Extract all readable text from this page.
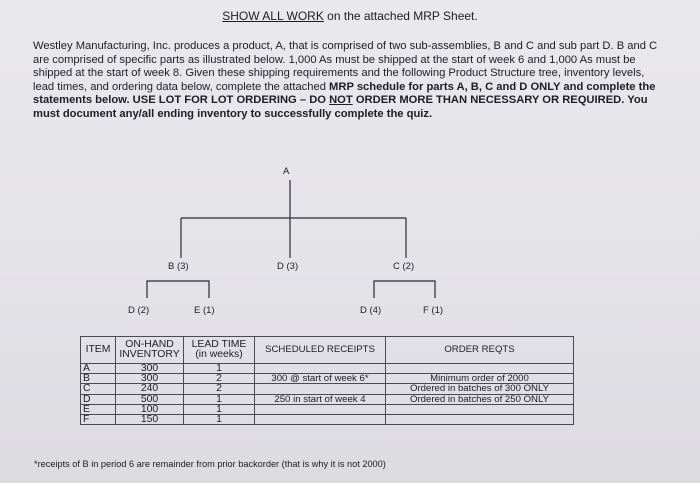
SHOW ALL WORK on the attached MRP Sheet.
Westley Manufacturing, Inc. produces a product, A, that is comprised of two sub-assemblies, B and C and sub part D. B and C are comprised of specific parts as illustrated below. 1,000 As must be shipped at the start of week 6 and 1,000 As must be shipped at the start of week 8. Given these shipping requirements and the following Product Structure tree, inventory levels, lead times, and ordering data below, complete the attached MRP schedule for parts A, B, C and D ONLY and complete the statements below. USE LOT FOR LOT ORDERING – DO NOT ORDER MORE THAN NECESSARY OR REQUIRED. You must document any/all ending inventory to successfully complete the quiz.
A
B (3)	D (3)	C (2)
D (2)	E (1)	D (4)	F (1)
ITEM	ON-HAND INVENTORY	LEAD TIME (in weeks)	SCHEDULED RECEIPTS	ORDER REQTS
A	300	1		
B	300	2	300 @ start of week 6*	Minimum order of 2000
C	240	2		Ordered in batches of 300 ONLY
D	500	1	250 in start of week 4	Ordered in batches of 250 ONLY
E	100	1		
F	150	1		
*receipts of B in period 6 are remainder from prior backorder (that is why it is not 2000)
